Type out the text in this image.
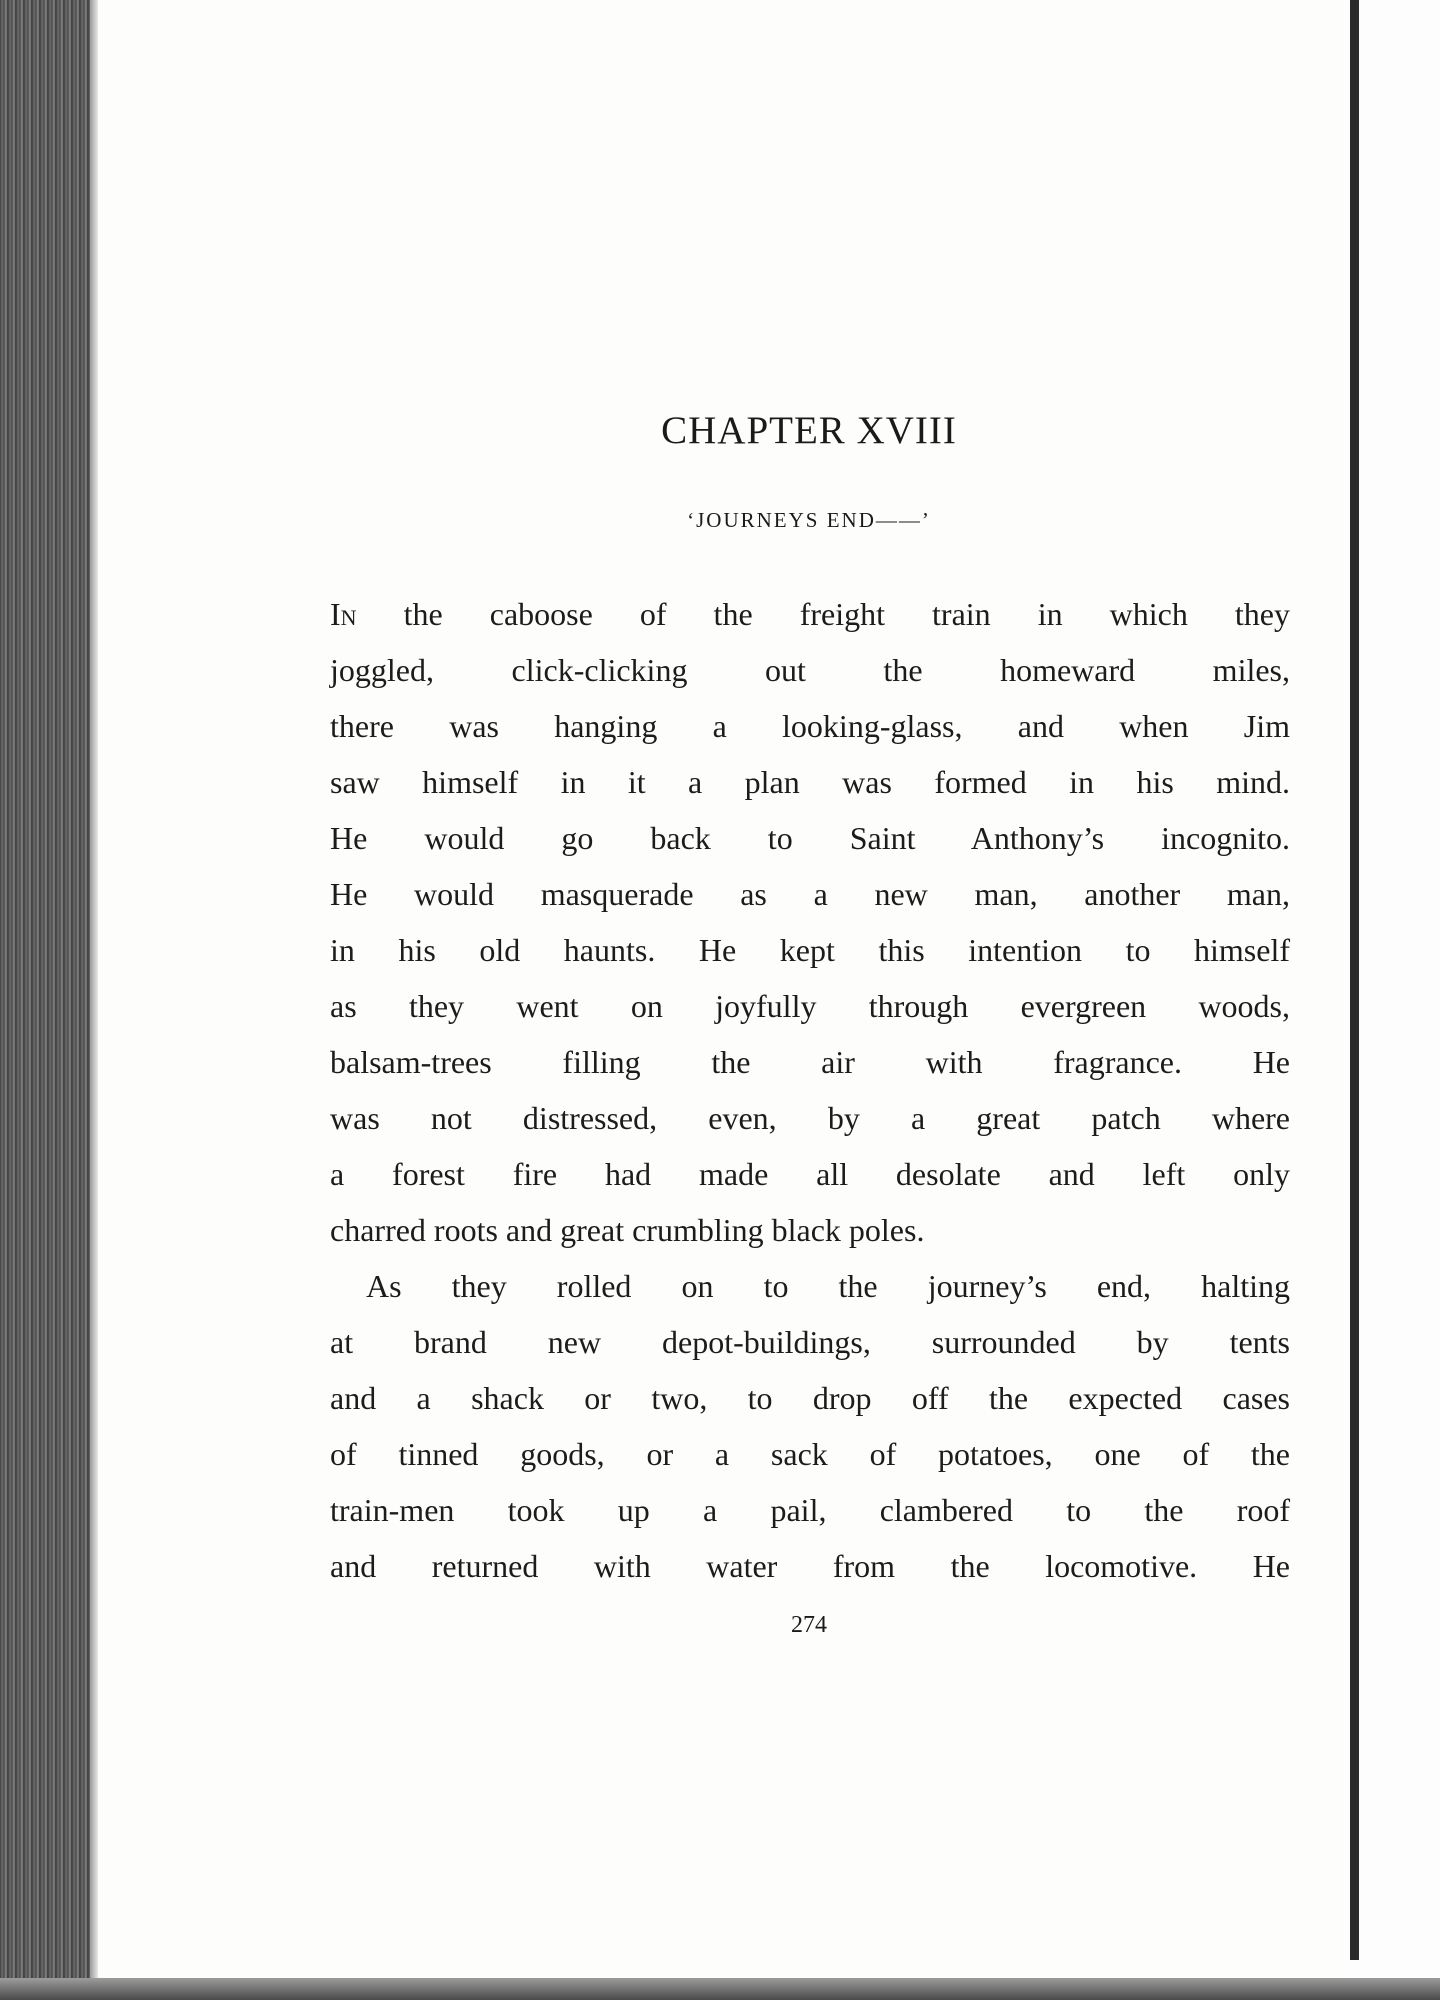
CHAPTER XVIII
‘JOURNEYS END——’

In the caboose of the freight train in which they
joggled, click-clicking out the homeward miles,
there was hanging a looking-glass, and when Jim
saw himself in it a plan was formed in his mind.
He would go back to Saint Anthony’s incognito.
He would masquerade as a new man, another man,
in his old haunts. He kept this intention to himself
as they went on joyfully through evergreen woods,
balsam-trees filling the air with fragrance. He
was not distressed, even, by a great patch where
a forest fire had made all desolate and left only
charred roots and great crumbling black poles.

As they rolled on to the journey’s end, halting
at brand new depot-buildings, surrounded by tents
and a shack or two, to drop off the expected cases
of tinned goods, or a sack of potatoes, one of the
train-men took up a pail, clambered to the roof
and returned with water from the locomotive. He

274
